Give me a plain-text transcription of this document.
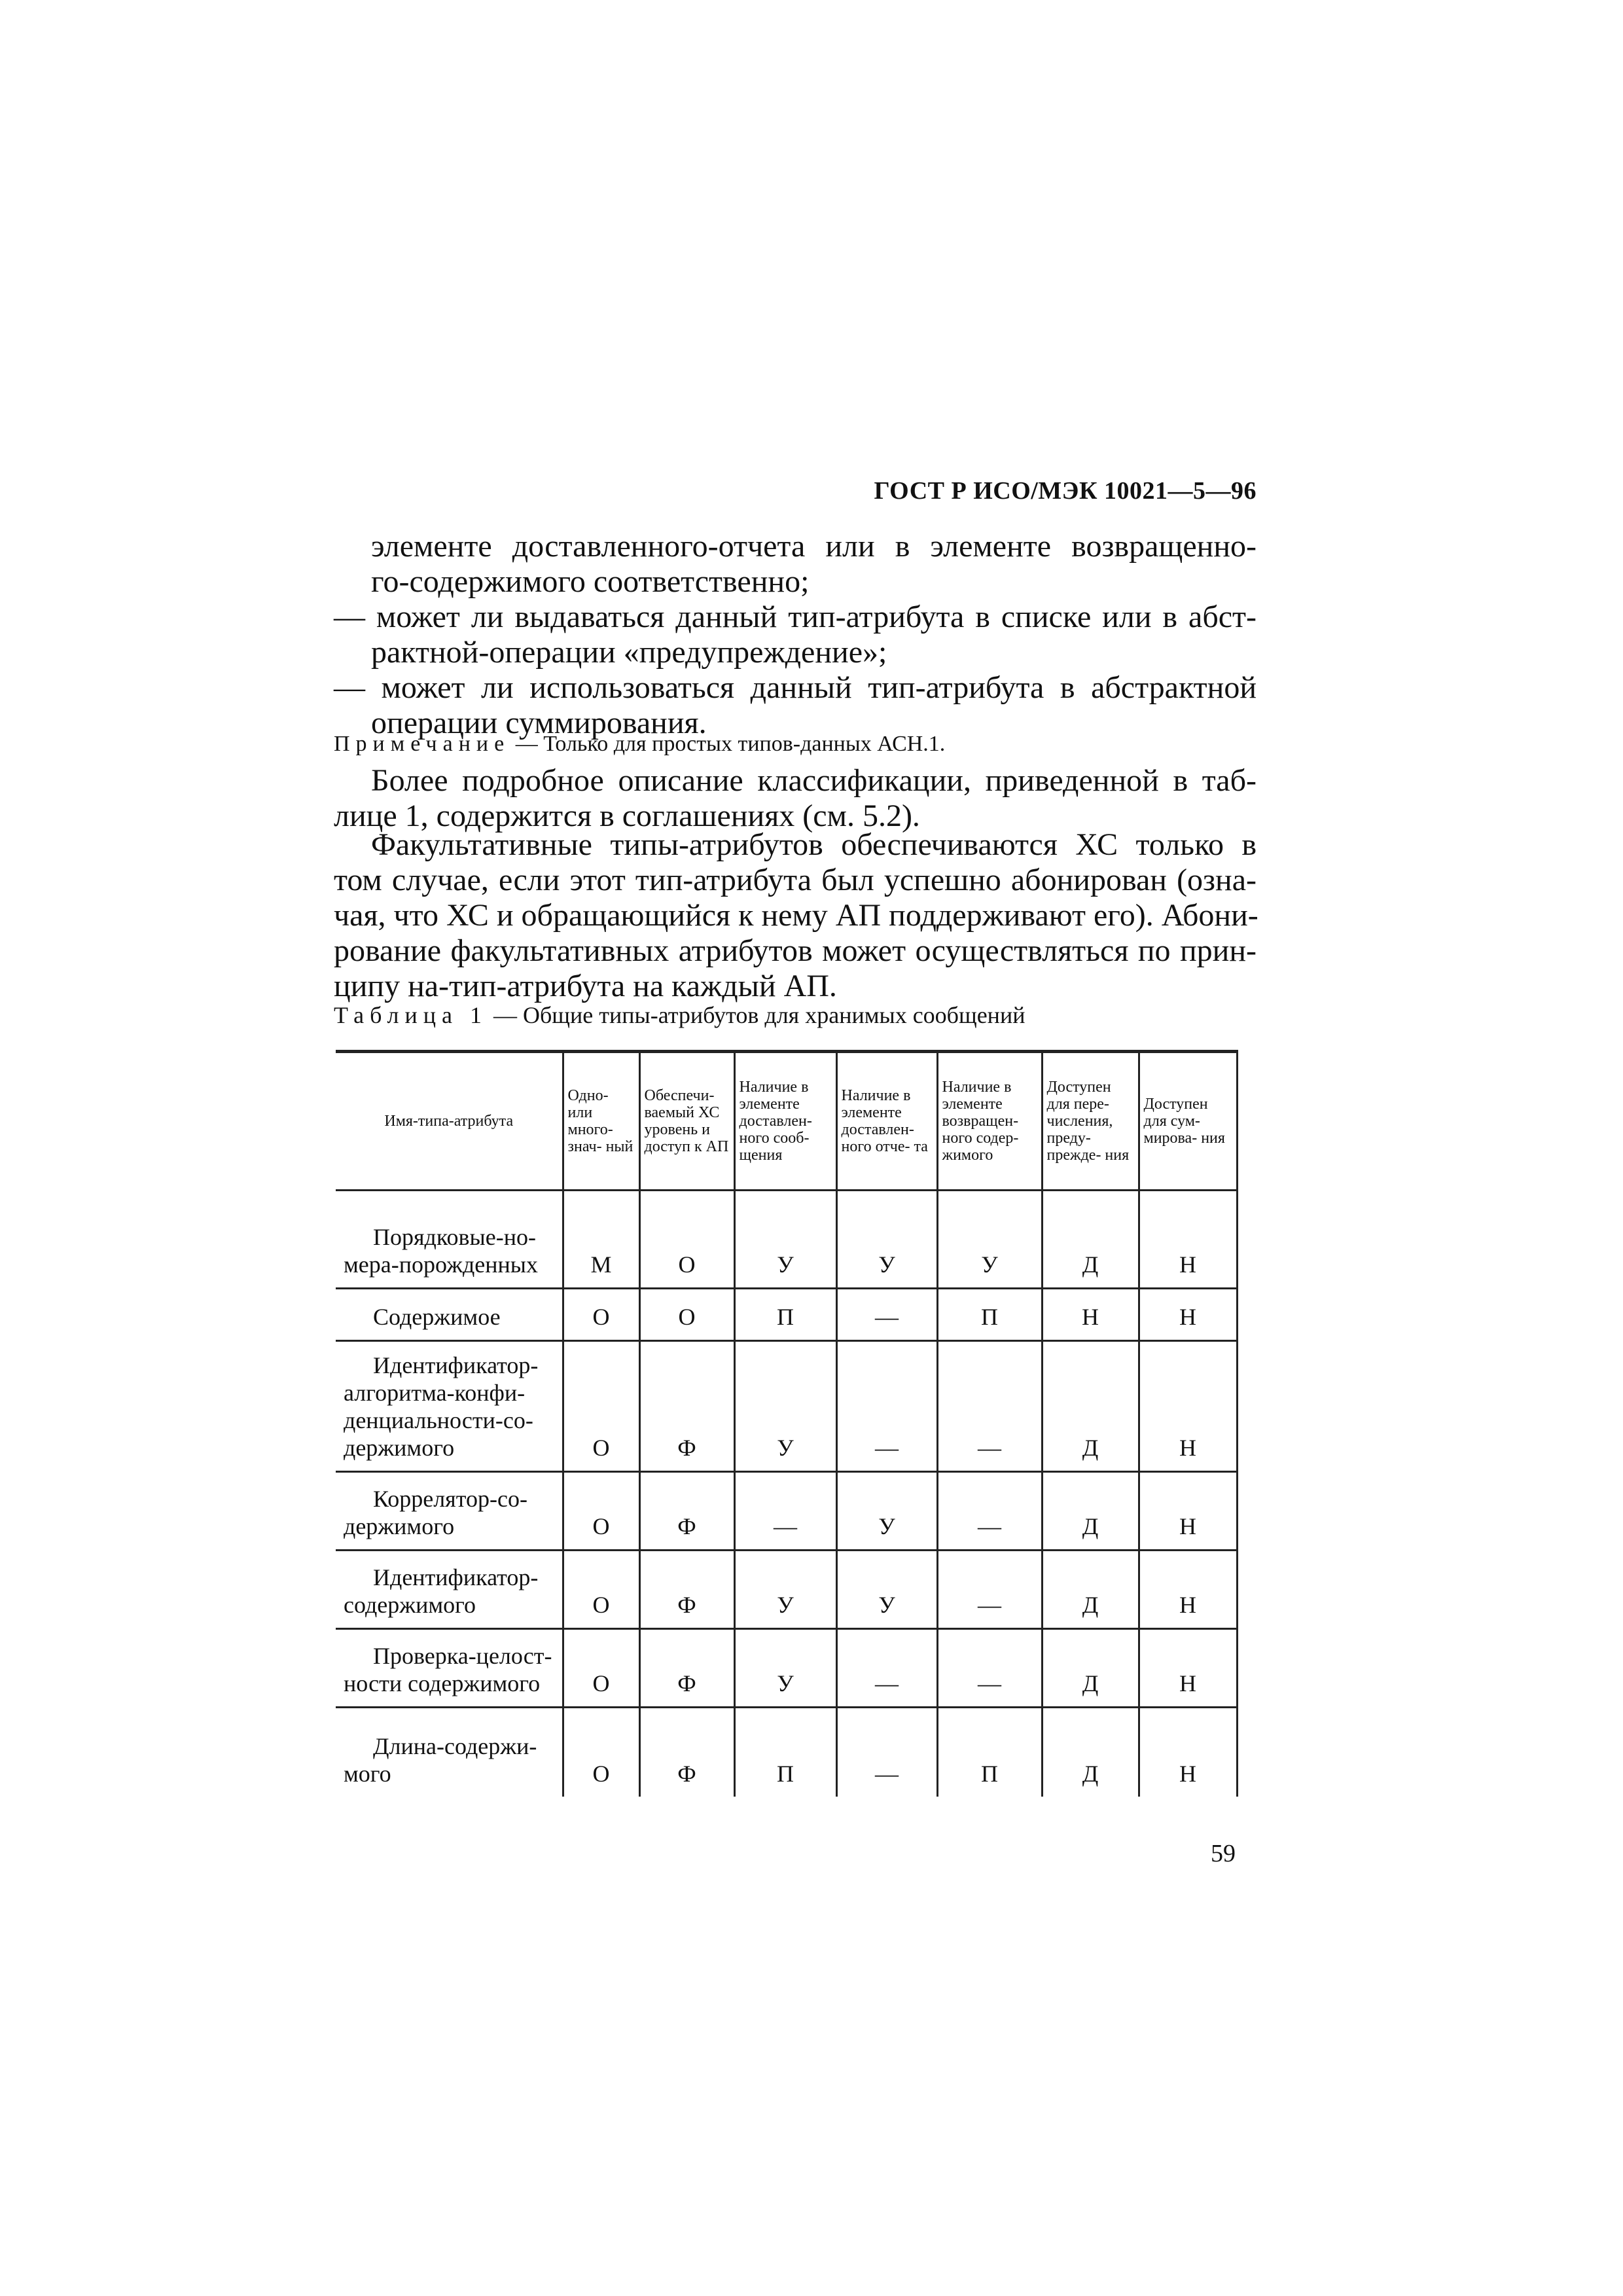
ГОСТ Р ИСО/МЭК 10021—5—96
элементе доставленного-отчета или в элементе возвращенно-
го-содержимого соответственно;
— может ли выдаваться данный тип-атрибута в списке или в абст-
рактной-операции «предупреждение»;
— может ли использоваться данный тип-атрибута в абстрактной
операции суммирования.
Примечание — Только для простых типов-данных АСН.1.
Более подробное описание классификации, приведенной в таб-
лице 1, содержится в соглашениях (см. 5.2).
Факультативные типы-атрибутов обеспечиваются ХС только в
том случае, если этот тип-атрибута был успешно абонирован (озна-
чая, что ХС и обращающийся к нему АП поддерживают его). Абони-
рование факультативных атрибутов может осуществляться по прин-
ципу на-тип-атрибута на каждый АП.
Таблица 1 — Общие типы-атрибутов для хранимых сообщений
Имя-типа-атрибута	Одно- или много- знач- ный	Обеспечи- ваемый ХС уровень и доступ к АП	Наличие в элементе доставлен- ного сооб- щения	Наличие в элементе доставлен- ного отче- та	Наличие в элементе возвращен- ного содер- жимого	Доступен для пере- числения, преду- прежде- ния	Доступен для сум- мирова- ния

Порядковые-но-
мера-порожденных	М	О	У	У	У	Д	Н

Содержимое	О	О	П	—	П	Н	Н

Идентификатор-
алгоритма-конфи- денциальности-со- держимого	О	Ф	У	—	—	Д	Н

Коррелятор-со-
держимого	О	Ф	—	У	—	Д	Н

Идентификатор-
содержимого	О	Ф	У	У	—	Д	Н

Проверка-целост-
ности содержимого	О	Ф	У	—	—	Д	Н

Длина-содержи-
мого	О	Ф	П	—	П	Д	Н
59
